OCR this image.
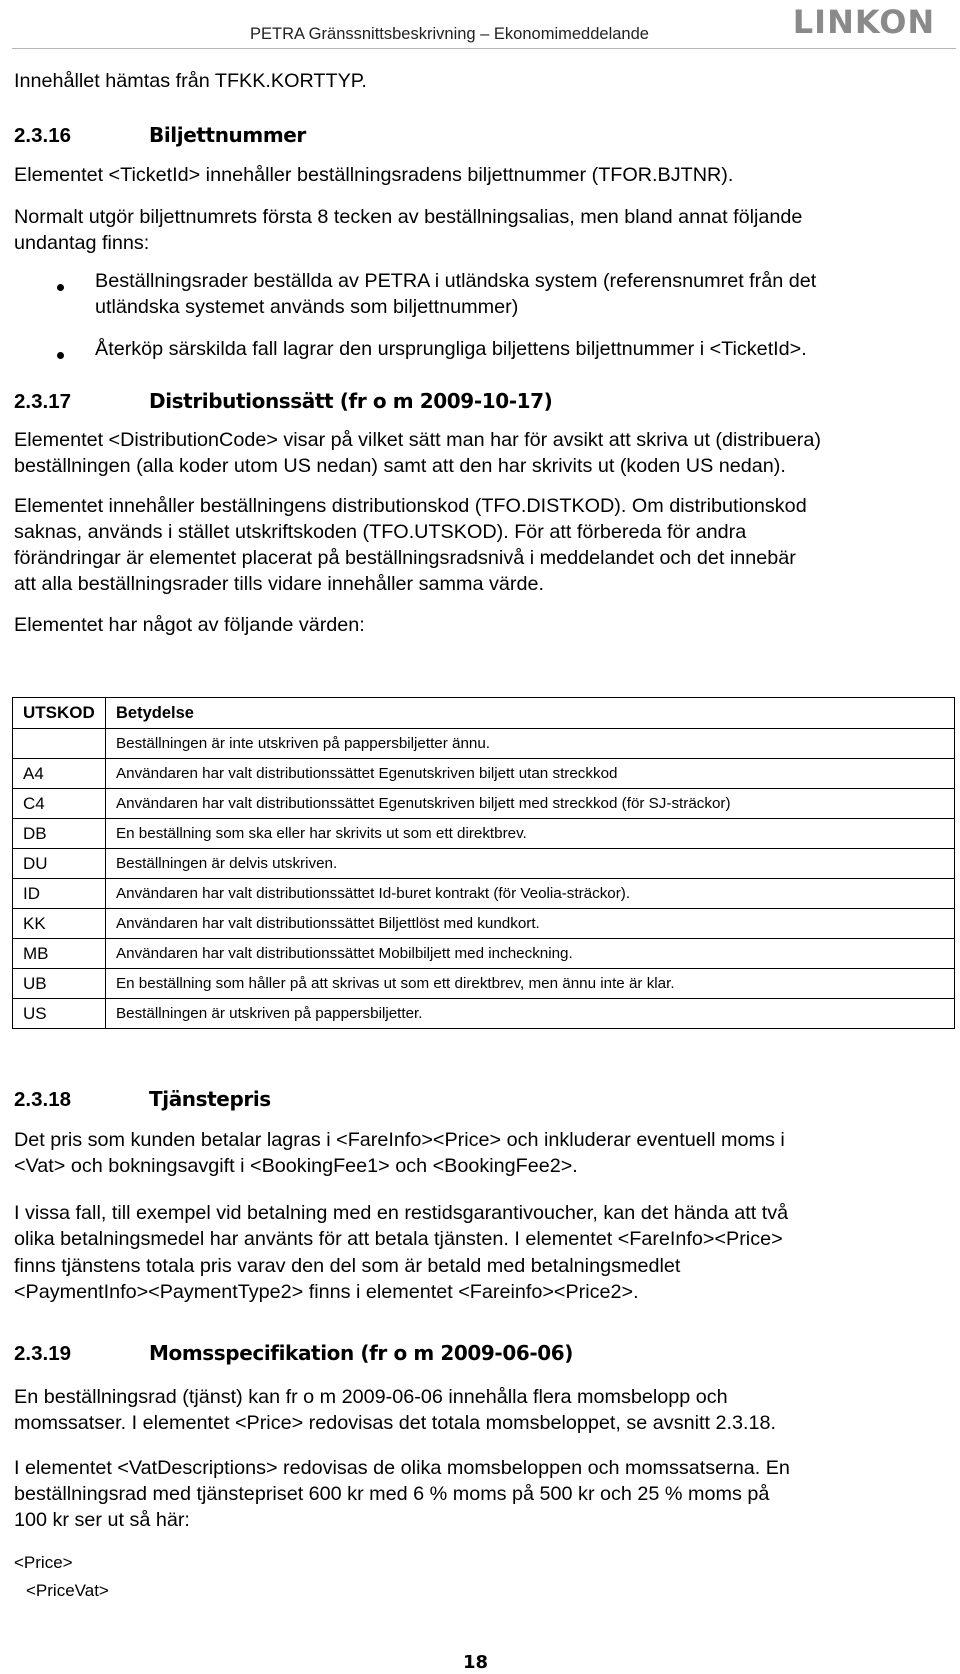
PETRA Gränssnittsbeskrivning – Ekonomimeddelande	LINKON
Innehållet hämtas från TFKK.KORTTYP.
2.3.16	Biljettnummer
Elementet <TicketId> innehåller beställningsradens biljettnummer (TFOR.BJTNR).
Normalt utgör biljettnumrets första 8 tecken av beställningsalias, men bland annat följande
undantag finns:
Beställningsrader beställda av PETRA i utländska system (referensnumret från det
utländska systemet används som biljettnummer)
Återköp särskilda fall lagrar den ursprungliga biljettens biljettnummer i <TicketId>.
2.3.17	Distributionssätt (fr o m 2009-10-17)
Elementet <DistributionCode> visar på vilket sätt man har för avsikt att skriva ut (distribuera)
beställningen (alla koder utom US nedan) samt att den har skrivits ut (koden US nedan).
Elementet innehåller beställningens distributionskod (TFO.DISTKOD). Om distributionskod
saknas, används i stället utskriftskoden (TFO.UTSKOD). För att förbereda för andra
förändringar är elementet placerat på beställningsradsnivå i meddelandet och det innebär
att alla beställningsrader tills vidare innehåller samma värde.
Elementet har något av följande värden:
UTSKOD	Betydelse
	Beställningen är inte utskriven på pappersbiljetter ännu.
A4	Användaren har valt distributionssättet Egenutskriven biljett utan streckkod
C4	Användaren har valt distributionssättet Egenutskriven biljett med streckkod (för SJ-sträckor)
DB	En beställning som ska eller har skrivits ut som ett direktbrev.
DU	Beställningen är delvis utskriven.
ID	Användaren har valt distributionssättet Id-buret kontrakt (för Veolia-sträckor).
KK	Användaren har valt distributionssättet Biljettlöst med kundkort.
MB	Användaren har valt distributionssättet Mobilbiljett med incheckning.
UB	En beställning som håller på att skrivas ut som ett direktbrev, men ännu inte är klar.
US	Beställningen är utskriven på pappersbiljetter.
2.3.18	Tjänstepris
Det pris som kunden betalar lagras i <FareInfo><Price> och inkluderar eventuell moms i
<Vat> och bokningsavgift i <BookingFee1> och <BookingFee2>.
I vissa fall, till exempel vid betalning med en restidsgarantivoucher, kan det hända att två
olika betalningsmedel har använts för att betala tjänsten. I elementet <FareInfo><Price>
finns tjänstens totala pris varav den del som är betald med betalningsmedlet
<PaymentInfo><PaymentType2> finns i elementet <Fareinfo><Price2>.
2.3.19	Momsspecifikation (fr o m 2009-06-06)
En beställningsrad (tjänst) kan fr o m 2009-06-06 innehålla flera momsbelopp och
momssatser. I elementet <Price> redovisas det totala momsbeloppet, se avsnitt 2.3.18.
I elementet <VatDescriptions> redovisas de olika momsbeloppen och momssatserna. En
beställningsrad med tjänstepriset 600 kr med 6 % moms på 500 kr och 25 % moms på
100 kr ser ut så här:
<Price>
<PriceVat>
18
